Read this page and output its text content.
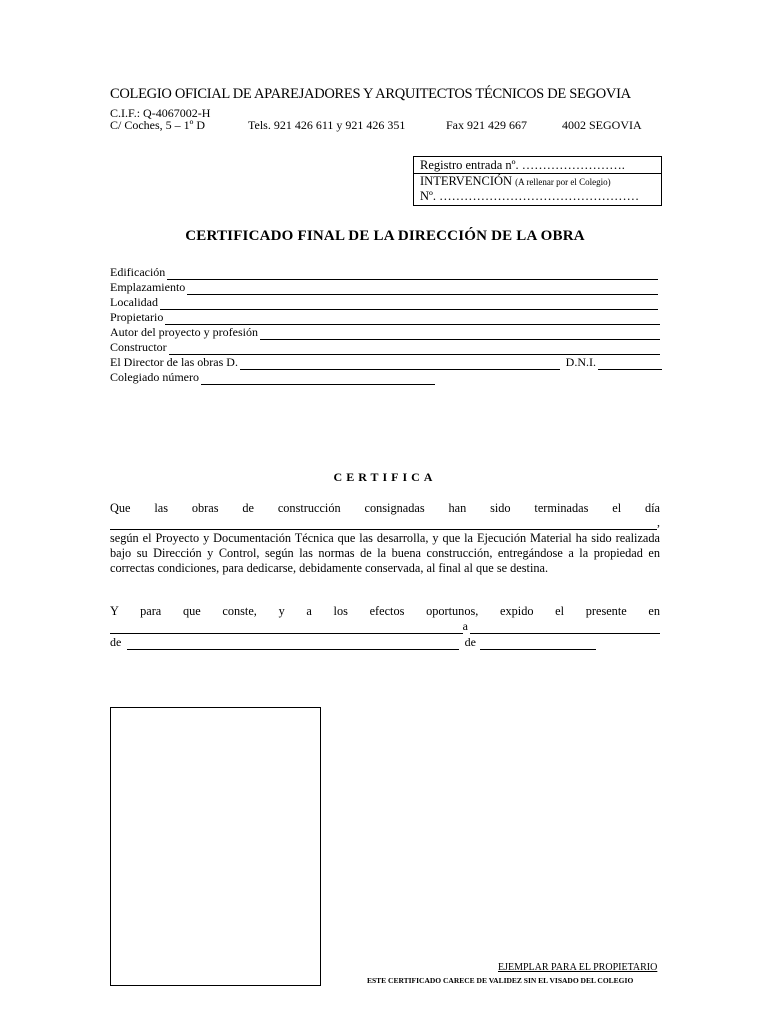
COLEGIO OFICIAL DE APAREJADORES Y ARQUITECTOS TÉCNICOS DE SEGOVIA
C.I.F.: Q-4067002-H
C/ Coches, 5 – 1º D	Tels. 921 426 611 y 921 426 351	Fax 921 429 667	4002 SEGOVIA
Registro entrada nº. …………………….
INTERVENCIÓN (A rellenar por el Colegio)
Nº. …………………………………………
CERTIFICADO FINAL DE LA DIRECCIÓN DE LA OBRA
Edificación
Emplazamiento
Localidad
Propietario
Autor del proyecto y profesión
Constructor
El Director de las obras D.	D.N.I.
Colegiado número
CERTIFICA
Que las obras de construcción consignadas han sido terminadas el día
,
según el Proyecto y Documentación Técnica que las desarrolla, y que la Ejecución Material ha sido realizada bajo su Dirección y Control, según las normas de la buena construcción, entregándose a la propiedad en correctas condiciones, para dedicarse, debidamente conservada, al final al que se destina.
Y para que conste, y a los efectos oportunos, expido el presente en
a
de	de
EJEMPLAR PARA EL PROPIETARIO
ESTE CERTIFICADO CARECE DE VALIDEZ SIN EL VISADO DEL COLEGIO
